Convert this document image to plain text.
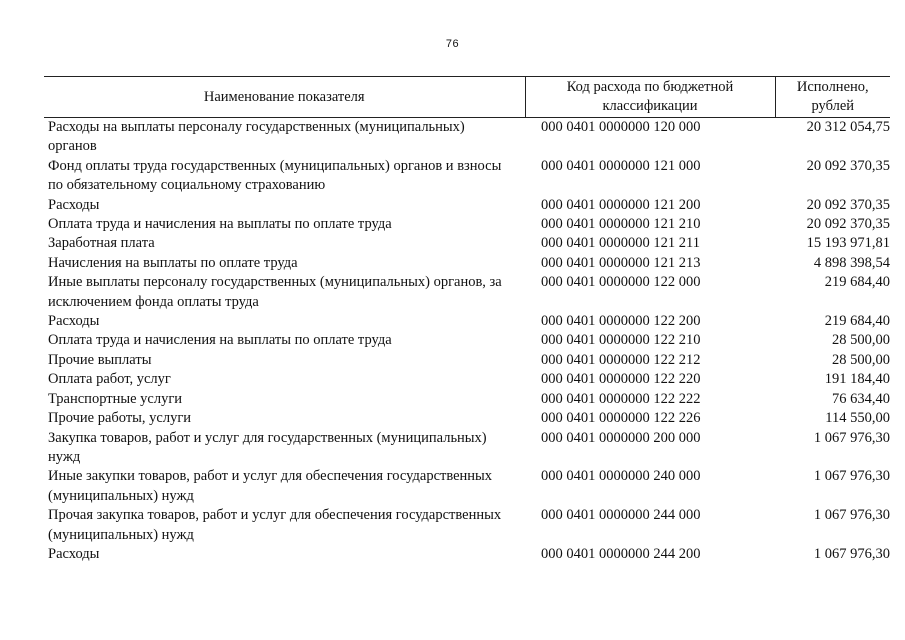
76
Наименование показателя	Код расхода по бюджетной классификации	Исполнено, рублей
Расходы на выплаты персоналу государственных (муниципальных) органов	000 0401 0000000 120 000	20 312 054,75
Фонд оплаты труда государственных (муниципальных) органов и взносы по обязательному социальному страхованию	000 0401 0000000 121 000	20 092 370,35
Расходы	000 0401 0000000 121 200	20 092 370,35
Оплата труда и начисления на выплаты по оплате труда	000 0401 0000000 121 210	20 092 370,35
Заработная плата	000 0401 0000000 121 211	15 193 971,81
Начисления на выплаты по оплате труда	000 0401 0000000 121 213	4 898 398,54
Иные выплаты персоналу государственных (муниципальных) органов, за исключением фонда оплаты труда	000 0401 0000000 122 000	219 684,40
Расходы	000 0401 0000000 122 200	219 684,40
Оплата труда и начисления на выплаты по оплате труда	000 0401 0000000 122 210	28 500,00
Прочие выплаты	000 0401 0000000 122 212	28 500,00
Оплата работ, услуг	000 0401 0000000 122 220	191 184,40
Транспортные услуги	000 0401 0000000 122 222	76 634,40
Прочие работы, услуги	000 0401 0000000 122 226	114 550,00
Закупка товаров, работ и услуг для государственных (муниципальных) нужд	000 0401 0000000 200 000	1 067 976,30
Иные закупки товаров, работ и услуг для обеспечения государственных (муниципальных) нужд	000 0401 0000000 240 000	1 067 976,30
Прочая закупка товаров, работ и услуг для обеспечения государственных (муниципальных) нужд	000 0401 0000000 244 000	1 067 976,30
Расходы	000 0401 0000000 244 200	1 067 976,30
